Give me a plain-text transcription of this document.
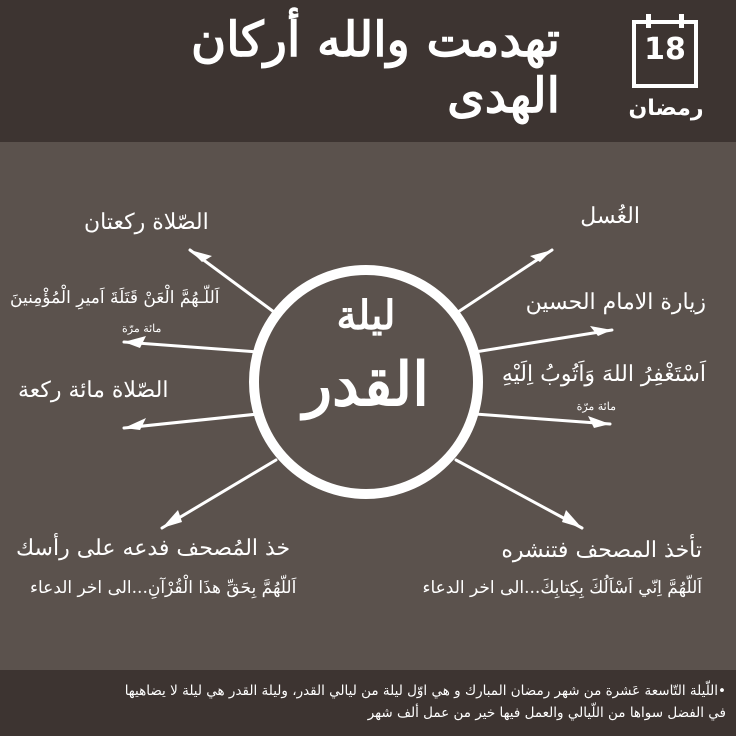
تهدمت والله أركان الهدى
18
رمضان
ليلة
القدر
الغُسل
زيارة الامام الحسين
اَسْتَغْفِرُ اللهَ وَاَتُوبُ اِلَيْهِ
مائة مرّة
تأخذ المصحف فتنشره
اَللّهُمَّ اِنّي اَسْاَلُكَ بِكِتابِكَ...الى اخر الدعاء
الصّلاة ركعتان
اَللّـهُمَّ الْعَنْ قَتَلَةَ اَميرِ الْمُؤْمِنينَ
مائة مرّة
الصّلاة مائة ركعة
خذ المُصحف فدعه على رأسك
اَللّهُمَّ بِحَقِّ هذَا الْقُرْآنِ...الى اخر الدعاء
•اللّيلة التّاسعة عَشرة من شهر رمضان المبارك و هي اوّل ليلة من ليالي القدر، وليلة القدر هي ليلة لا يضاهيها
في الفضل سواها من اللّيالي والعمل فيها خير من عمل ألف شهر
